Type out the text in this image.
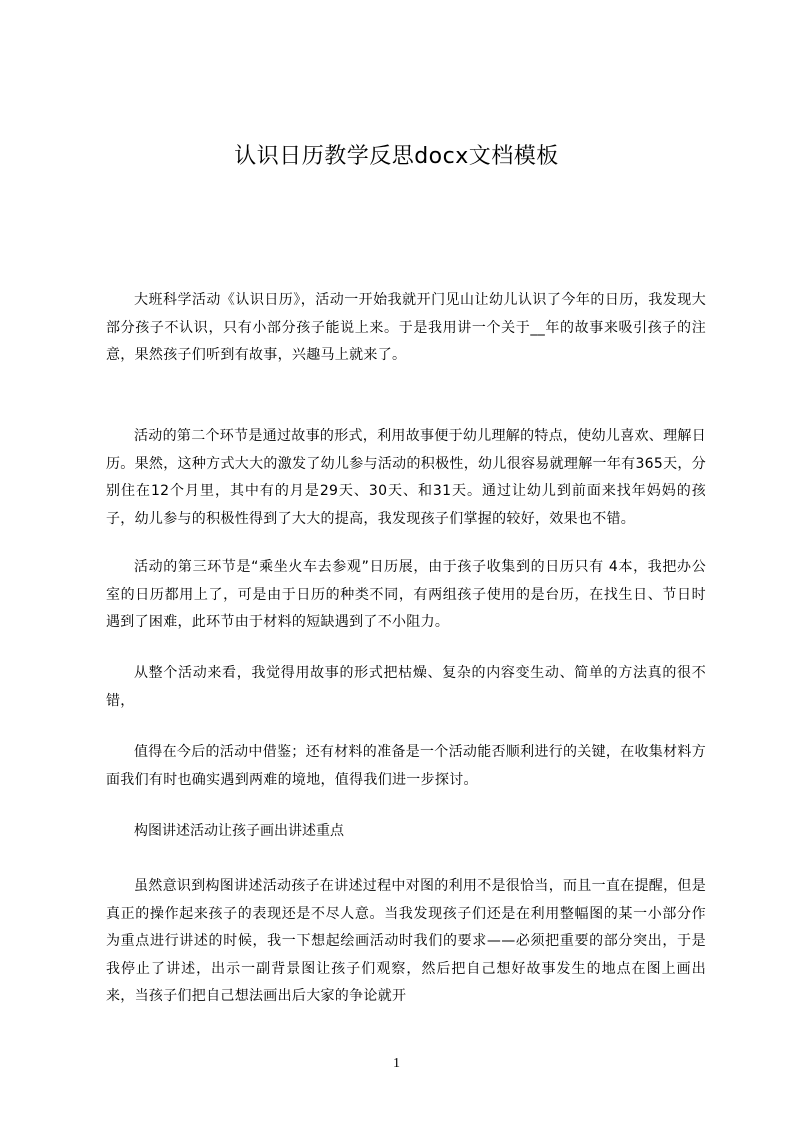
认识日历教学反思docx文档模板

大班科学活动《认识日历》，活动一开始我就开门见山让幼儿认识了今年的日历，我发现大部分孩子不认识，只有小部分孩子能说上来。于是我用讲一个关于__年的故事来吸引孩子的注意，果然孩子们听到有故事，兴趣马上就来了。

活动的第二个环节是通过故事的形式，利用故事便于幼儿理解的特点，使幼儿喜欢、理解日历。果然，这种方式大大的激发了幼儿参与活动的积极性，幼儿很容易就理解一年有365天，分别住在12个月里，其中有的月是29天、30天、和31天。通过让幼儿到前面来找年妈妈的孩子，幼儿参与的积极性得到了大大的提高，我发现孩子们掌握的较好，效果也不错。

活动的第三环节是“乘坐火车去参观”日历展，由于孩子收集到的日历只有 4本，我把办公室的日历都用上了，可是由于日历的种类不同，有两组孩子使用的是台历，在找生日、节日时遇到了困难，此环节由于材料的短缺遇到了不小阻力。

从整个活动来看，我觉得用故事的形式把枯燥、复杂的内容变生动、简单的方法真的很不错，

值得在今后的活动中借鉴；还有材料的准备是一个活动能否顺利进行的关键，在收集材料方面我们有时也确实遇到两难的境地，值得我们进一步探讨。

构图讲述活动让孩子画出讲述重点

虽然意识到构图讲述活动孩子在讲述过程中对图的利用不是很恰当，而且一直在提醒，但是真正的操作起来孩子的表现还是不尽人意。当我发现孩子们还是在利用整幅图的某一小部分作为重点进行讲述的时候，我一下想起绘画活动时我们的要求——必须把重要的部分突出，于是我停止了讲述，出示一副背景图让孩子们观察，然后把自己想好故事发生的地点在图上画出来，当孩子们把自己想法画出后大家的争论就开

1
